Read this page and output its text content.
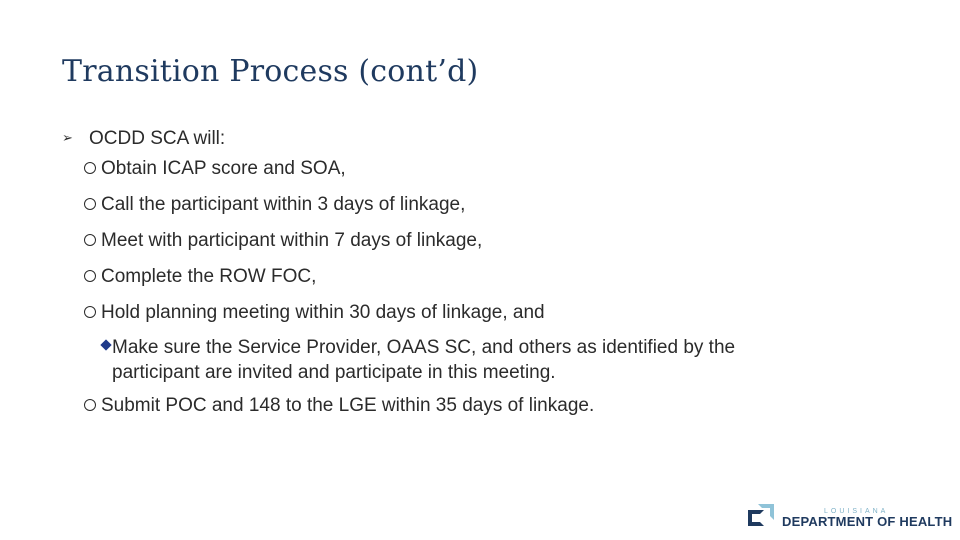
Transition Process (cont’d)
➢ OCDD SCA will:
Obtain ICAP score and SOA,
Call the participant within 3 days of linkage,
Meet with participant within 7 days of linkage,
Complete the ROW FOC,
Hold planning meeting within 30 days of linkage, and
Make sure the Service Provider, OAAS SC, and others as identified by the
participant are invited and participate in this meeting.
Submit POC and 148 to the LGE within 35 days of linkage.
LOUISIANA
DEPARTMENT OF HEALTH
